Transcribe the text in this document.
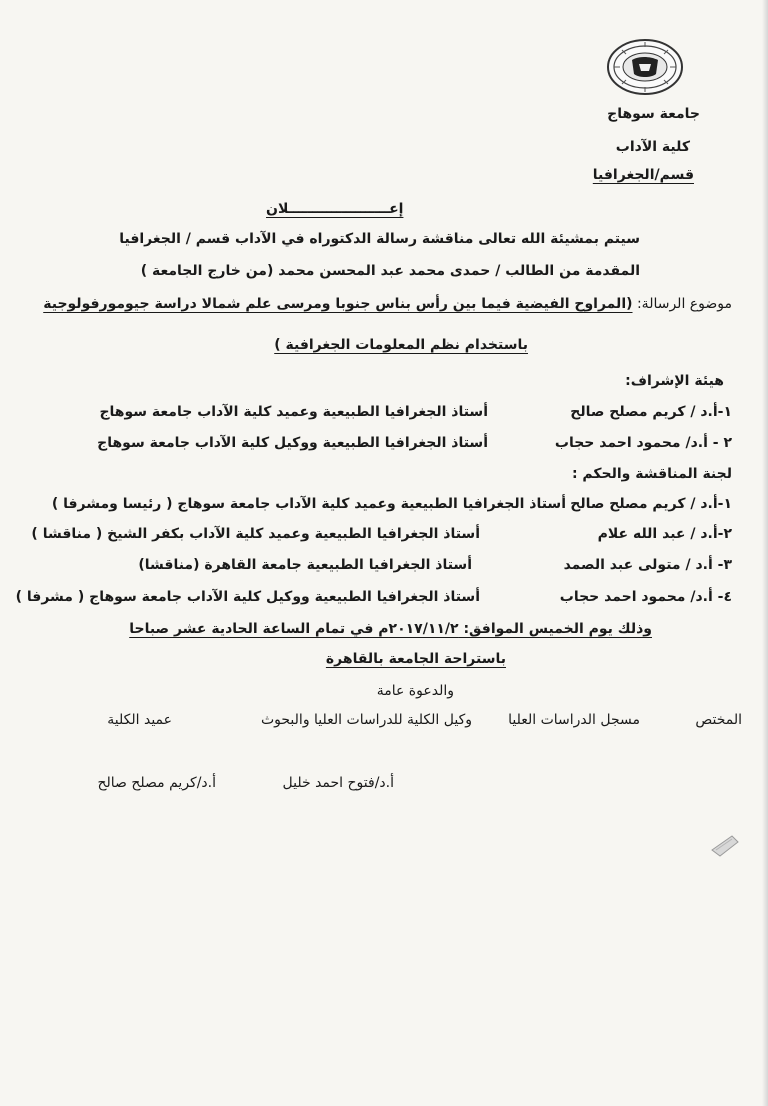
جامعة سوهاج
كلية الآداب
قسم/الجغرافيا
إعـــــــــــــــــــــلان
سيتم بمشيئة الله تعالى مناقشة رسالة الدكتوراه في الآداب قسم / الجغرافيا
المقدمة من الطالب / حمدى محمد عبد المحسن محمد (من خارج الجامعة )
موضوع الرسالة: (المراوح الفيضية فيما بين رأس بناس جنوبا ومرسى علم شمالا دراسة جيومورفولوجية
باستخدام نظم المعلومات الجغرافية )
هيئة الإشراف:
١-أ.د / كريم مصلح صالح
أستاذ الجغرافيا الطبيعية وعميد كلية الآداب جامعة سوهاج
٢ - أ.د/ محمود احمد حجاب
أستاذ الجغرافيا الطبيعية ووكيل كلية الآداب جامعة سوهاج
لجنة المناقشة والحكم :
١-أ.د / كريم مصلح صالح
أستاذ الجغرافيا الطبيعية وعميد كلية الآداب جامعة سوهاج ( رئيسا ومشرفا )
٢-أ.د / عبد الله علام
أستاذ الجغرافيا الطبيعية وعميد كلية الآداب بكفر الشيخ ( مناقشا )
٣- أ.د / متولى عبد الصمد
أستاذ الجغرافيا الطبيعية جامعة القاهرة (مناقشا)
٤- أ.د/ محمود احمد حجاب
أستاذ الجغرافيا الطبيعية ووكيل كلية الآداب جامعة سوهاج ( مشرفا )
وذلك يوم الخميس الموافق: ٢٠١٧/١١/٢م في تمام الساعة الحادية عشر صباحا
باستراحة الجامعة بالقاهرة
والدعوة عامة
المختص
مسجل الدراسات العليا
وكيل الكلية للدراسات العليا والبحوث
عميد الكلية
أ.د/فتوح احمد خليل
أ.د/كريم مصلح صالح
